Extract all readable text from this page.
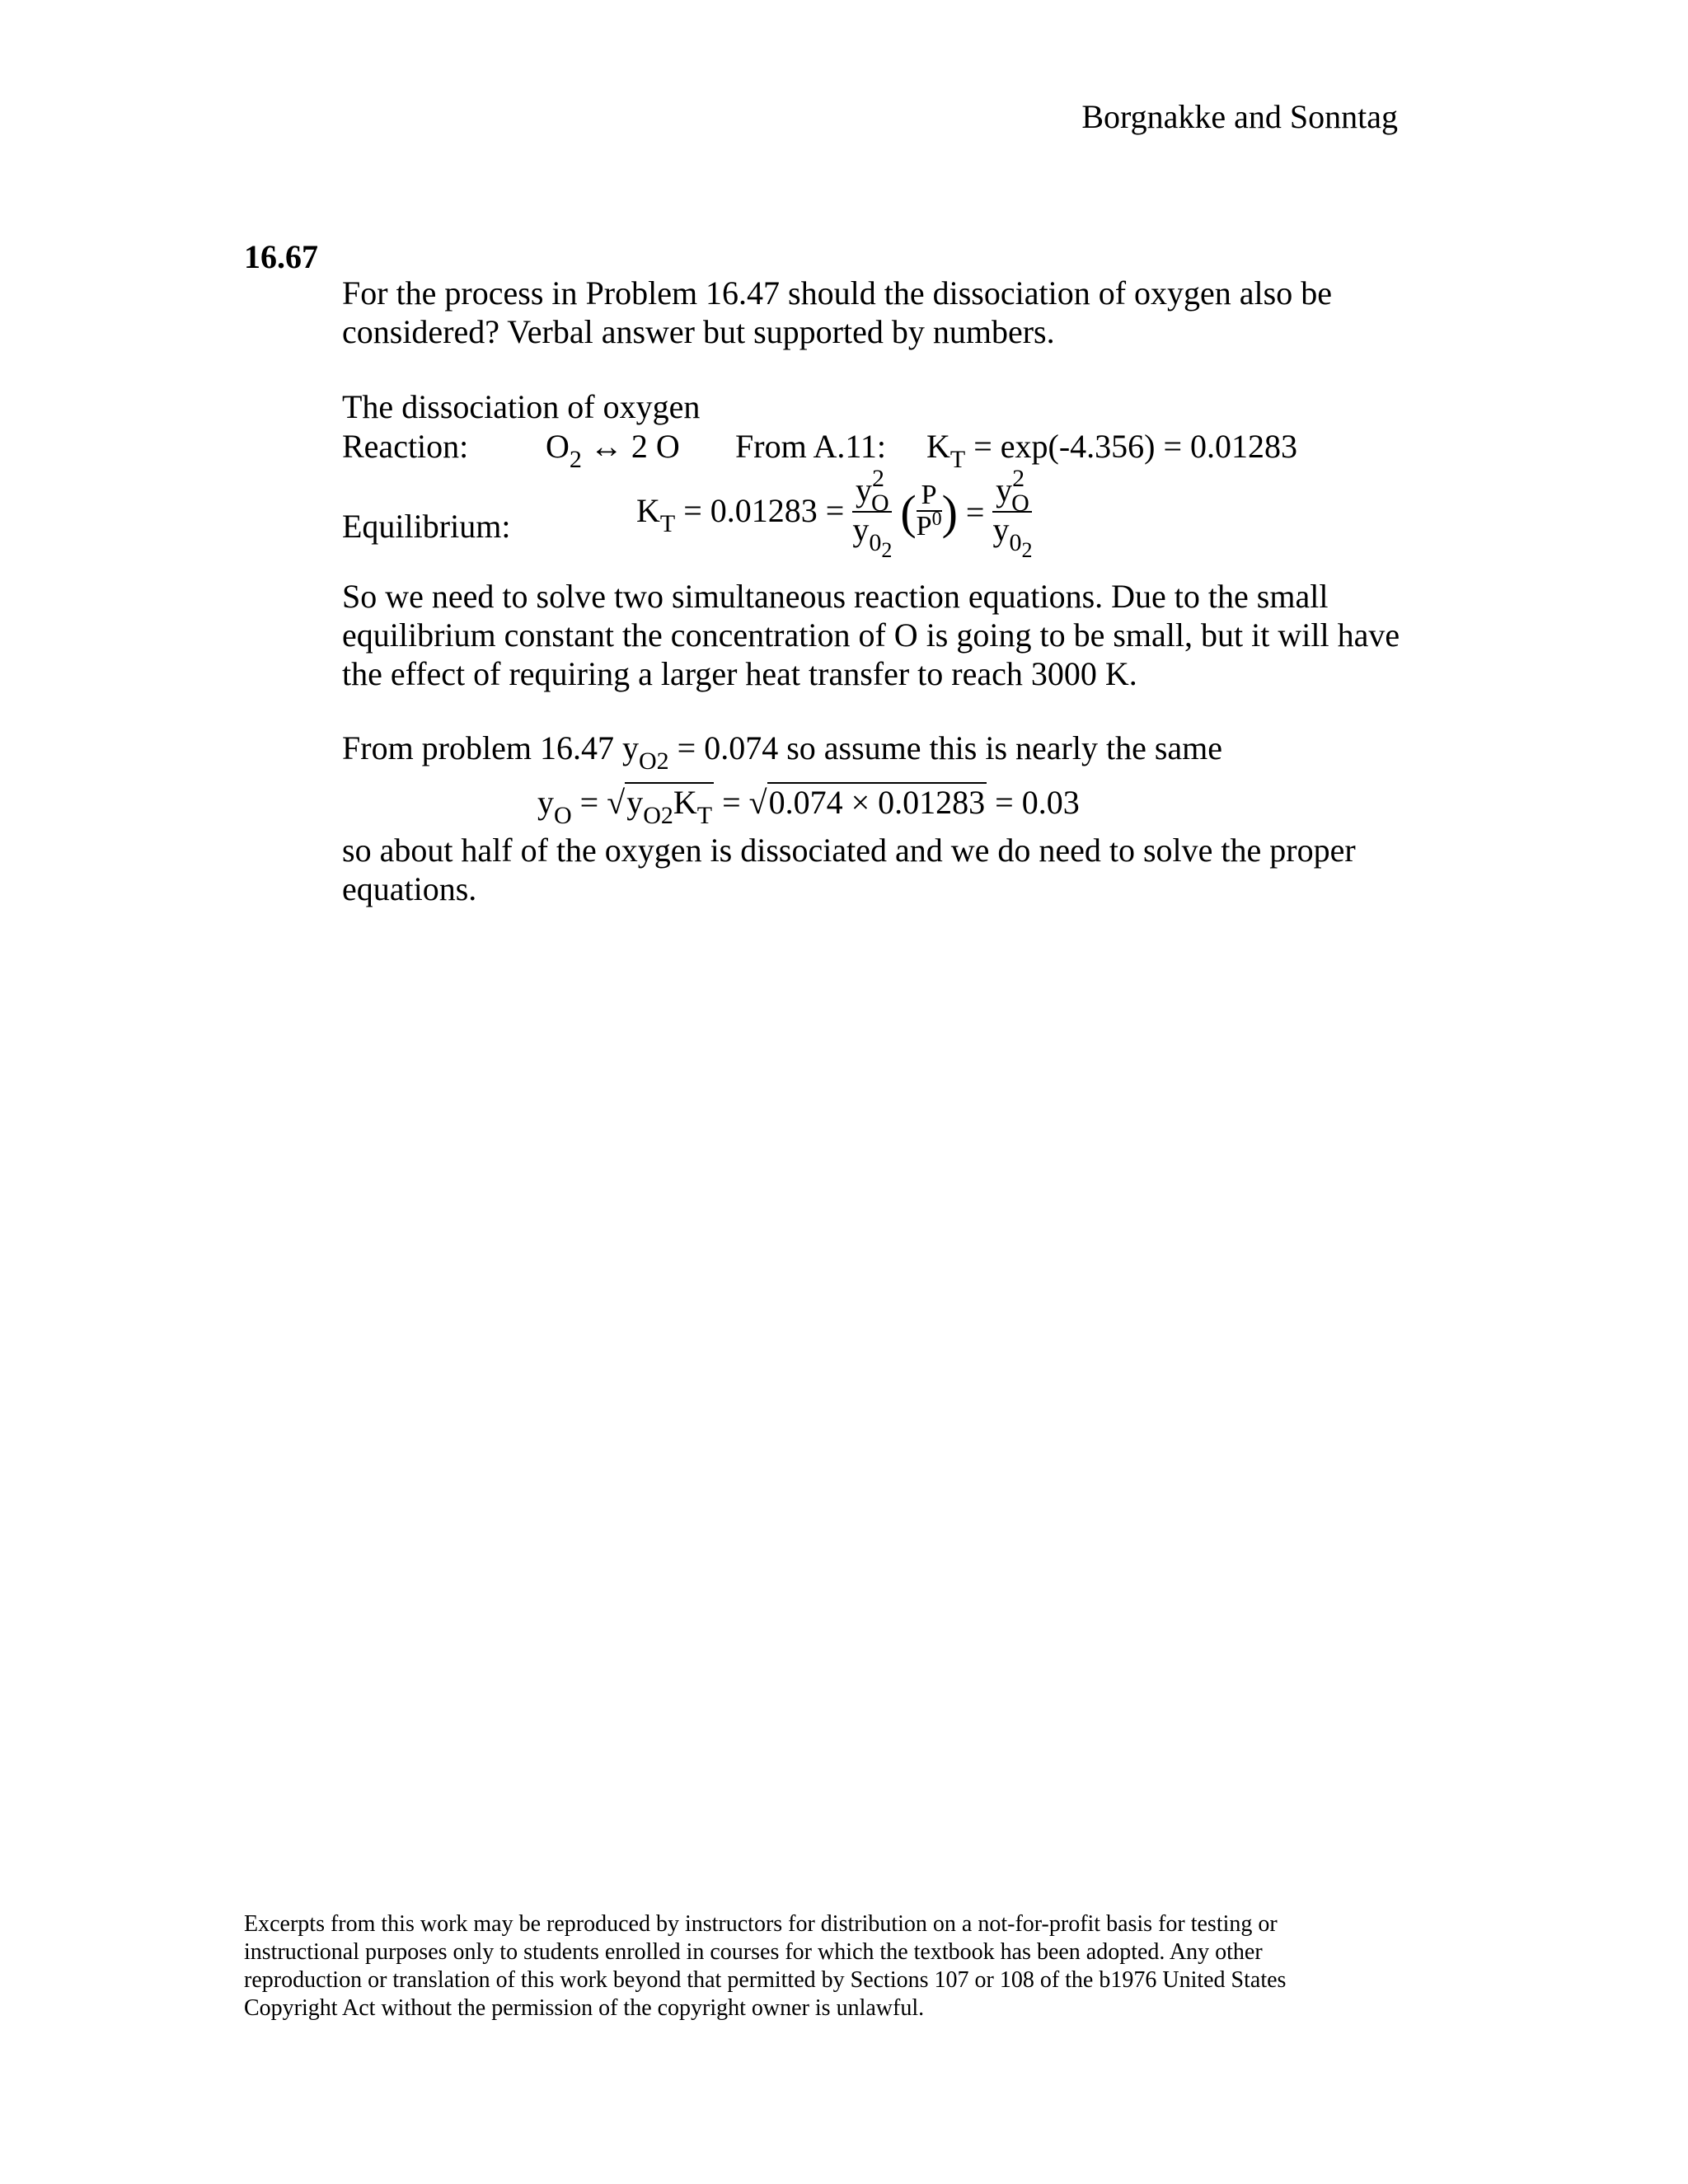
Borgnakke and Sonntag
16.67
For the process in Problem 16.47 should the dissociation of oxygen also be
considered? Verbal answer but supported by numbers.
The dissociation of oxygen
Reaction: $O_2$ ↔ 2 O From A.11: $K_T = \exp(-4.356) = 0.01283$
Equilibrium:	$K_T = 0.01283 = \frac{y^2_O}{y_{02}}$ ( $\frac{P}{P^0}$ ) = $\frac{y^2_O}{y_{02}}$
So we need to solve two simultaneous reaction equations. Due to the small
equilibrium constant the concentration of O is going to be small, but it will have
the effect of requiring a larger heat transfer to reach 3000 K.
From problem 16.47 $y_{O2} = 0.074$ so assume this is nearly the same
$y_O = √y_{O2}K_T = √0.074 \times 0.01283 = 0.03$
so about half of the oxygen is dissociated and we do need to solve the proper
equations.
Excerpts from this work may be reproduced by instructors for distribution on a not-for-profit basis for testing or
instructional purposes only to students enrolled in courses for which the textbook has been adopted. Any other
reproduction or translation of this work beyond that permitted by Sections 107 or 108 of the b1976 United States
Copyright Act without the permission of the copyright owner is unlawful.
